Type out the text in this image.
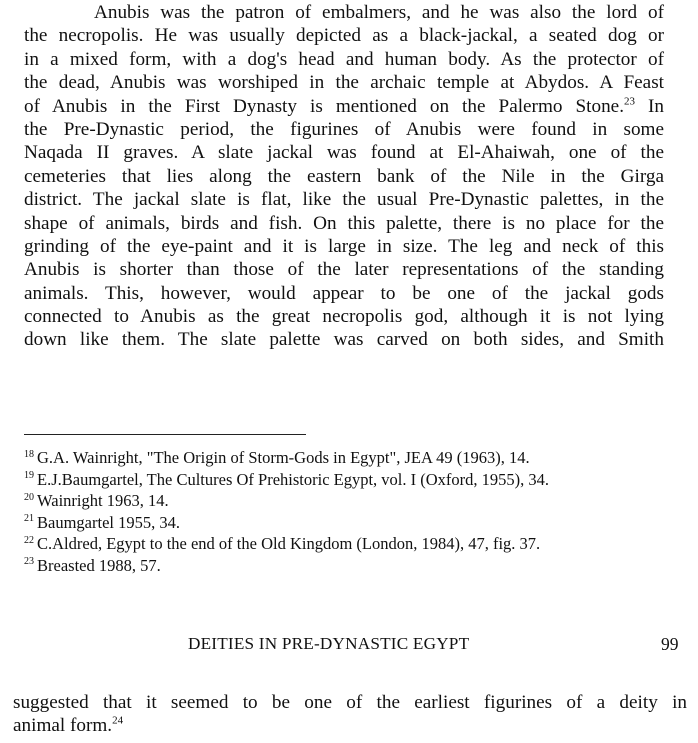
Anubis was the patron of embalmers, and he was also the lord of
the necropolis. He was usually depicted as a black-jackal, a seated dog or
in a mixed form, with a dog's head and human body. As the protector of
the dead, Anubis was worshiped in the archaic temple at Abydos. A Feast
of Anubis in the First Dynasty is mentioned on the Palermo Stone.$^{23}$ In
the Pre-Dynastic period, the figurines of Anubis were found in some
Naqada II graves. A slate jackal was found at El-Ahaiwah, one of the
cemeteries that lies along the eastern bank of the Nile in the Girga
district. The jackal slate is flat, like the usual Pre-Dynastic palettes, in the
shape of animals, birds and fish. On this palette, there is no place for the
grinding of the eye-paint and it is large in size. The leg and neck of this
Anubis is shorter than those of the later representations of the standing
animals. This, however, would appear to be one of the jackal gods
connected to Anubis as the great necropolis god, although it is not lying
down like them. The slate palette was carved on both sides, and Smith
$^{18}$ G.A. Wainright, "The Origin of Storm-Gods in Egypt", JEA 49 (1963), 14.
$^{19}$ E.J.Baumgartel, The Cultures Of Prehistoric Egypt, vol. I (Oxford, 1955), 34.
$^{20}$ Wainright 1963, 14.
$^{21}$ Baumgartel 1955, 34.
$^{22}$ C.Aldred, Egypt to the end of the Old Kingdom (London, 1984), 47, fig. 37.
$^{23}$ Breasted 1988, 57.
DEITIES IN PRE-DYNASTIC EGYPT	99
suggested that it seemed to be one of the earliest figurines of a deity in
animal form.$^{24}$
